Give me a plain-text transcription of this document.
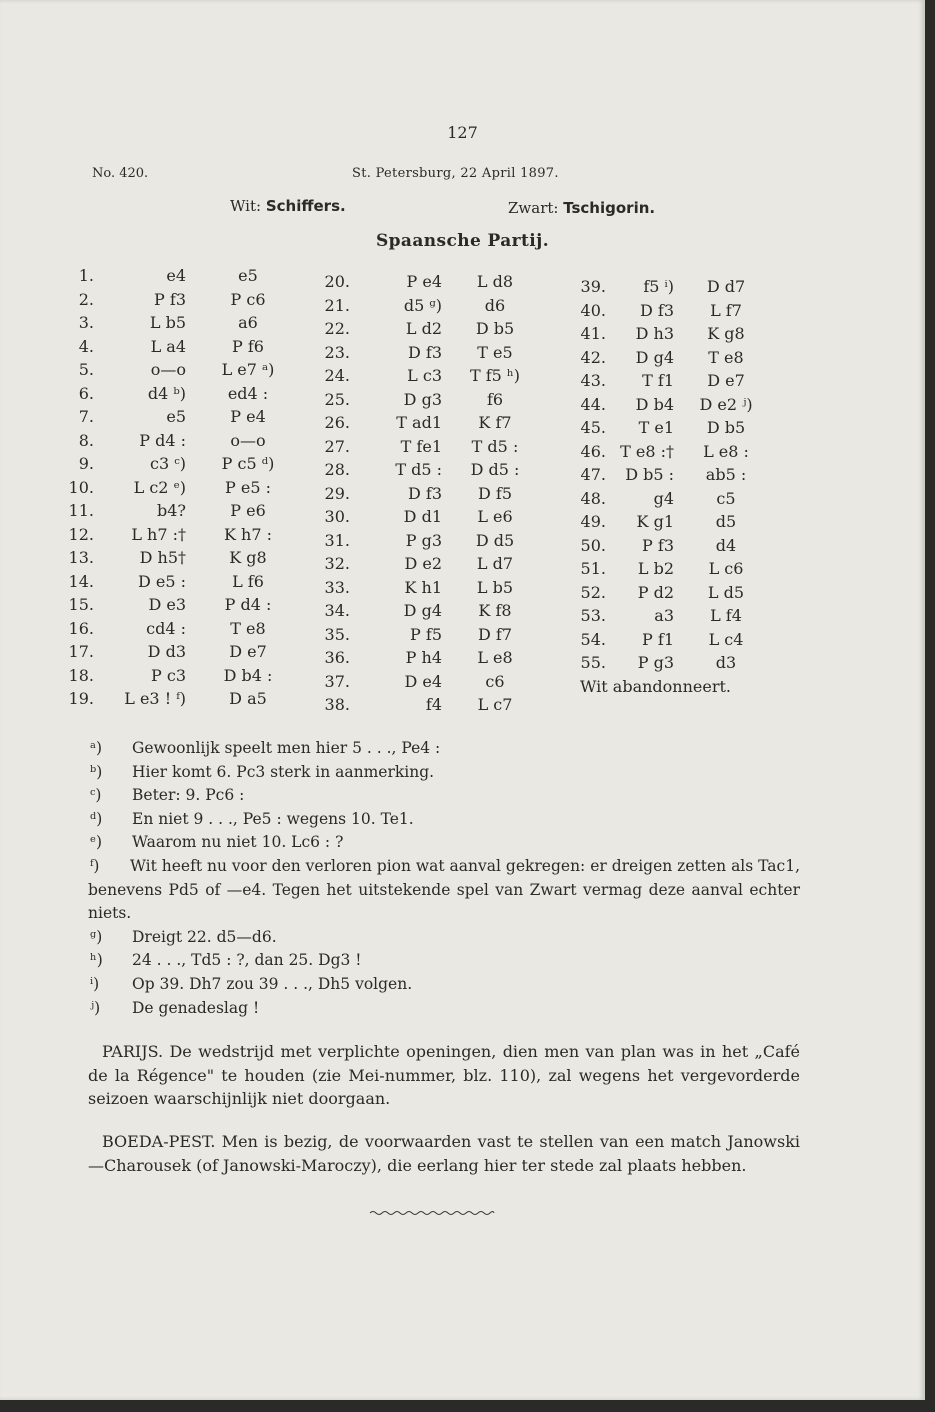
127
No. 420.	St. Petersburg, 22 April 1897.
Wit: Schiffers.	Zwart: Tschigorin.
Spaansche Partij.
1.	e4	e5
2.	P f3	P c6
3.	L b5	a6
4.	L a4	P f6
5.	o—o	L e7 ᵃ)
6.	d4 ᵇ)	ed4 :
7.	e5	P e4
8.	P d4 :	o—o
9.	c3 ᶜ)	P c5 ᵈ)
10.	L c2 ᵉ)	P e5 :
11.	b4?	P e6
12.	L h7 :†	K h7 :
13.	D h5†	K g8
14.	D e5 :	L f6
15.	D e3	P d4 :
16.	cd4 :	T e8
17.	D d3	D e7
18.	P c3	D b4 :
19.	L e3 ! ᶠ)	D a5
20.	P e4	L d8
21.	d5 ᵍ)	d6
22.	L d2	D b5
23.	D f3	T e5
24.	L c3	T f5 ʰ)
25.	D g3	f6
26.	T ad1	K f7
27.	T fe1	T d5 :
28.	T d5 :	D d5 :
29.	D f3	D f5
30.	D d1	L e6
31.	P g3	D d5
32.	D e2	L d7
33.	K h1	L b5
34.	D g4	K f8
35.	P f5	D f7
36.	P h4	L e8
37.	D e4	c6
38.	f4	L c7
39.	f5 ⁱ)	D d7
40.	D f3	L f7
41.	D h3	K g8
42.	D g4	T e8
43.	T f1	D e7
44.	D b4	D e2 ʲ)
45.	T e1	D b5
46. T e8 :†	L e8 :
47.	D b5 :	ab5 :
48.	g4	c5
49.	K g1	d5
50.	P f3	d4
51.	L b2	L c6
52.	P d2	L d5
53.	a3	L f4
54.	P f1	L c4
55.	P g3	d3
Wit abandonneert.
ᵃ)	Gewoonlijk speelt men hier 5 . . ., Pe4 :
ᵇ)	Hier komt 6. Pc3 sterk in aanmerking.
ᶜ)	Beter: 9. Pc6 :
ᵈ)	En niet 9 . . ., Pe5 : wegens 10. Te1.
ᵉ)	Waarom nu niet 10. Lc6 : ?
ᶠ) Wit heeft nu voor den verloren pion wat aanval gekregen: er dreigen zetten als Tac1, benevens Pd5 of —e4. Tegen het uitstekende spel van Zwart vermag deze aanval echter niets.
ᵍ)	Dreigt 22. d5—d6.
ʰ)	24 . . ., Td5 : ?, dan 25. Dg3 !
ⁱ)	Op 39. Dh7 zou 39 . . ., Dh5 volgen.
ʲ)	De genadeslag !
PARIJS. De wedstrijd met verplichte openingen, dien men van plan was in het „Café de la Régence" te houden (zie Mei-nummer, blz. 110), zal wegens het vergevorderde seizoen waarschijnlijk niet doorgaan.
BOEDA-PEST. Men is bezig, de voorwaarden vast te stellen van een match Janowski—Charousek (of Janowski-Maroczy), die eerlang hier ter stede zal plaats hebben.
